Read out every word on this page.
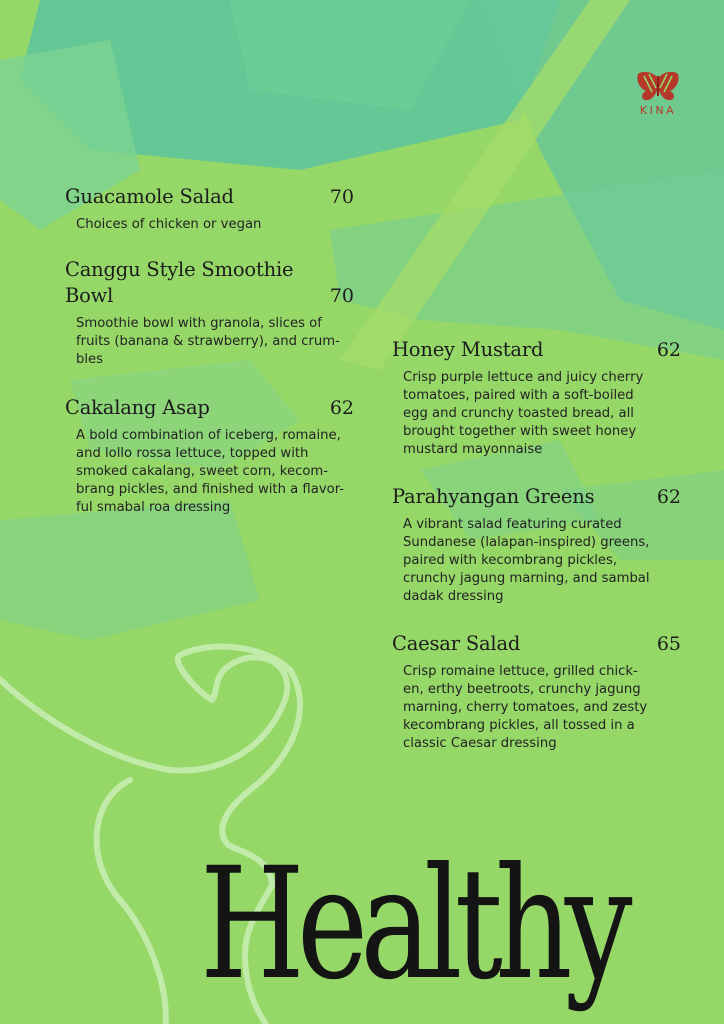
KINA
70
Guacamole Salad
Choices of chicken or vegan
70
Canggu Style Smoothie
Bowl
Smoothie bowl with granola, slices of
fruits (banana & strawberry), and crum-
bles
62
Cakalang Asap
A bold combination of iceberg, romaine,
and lollo rossa lettuce, topped with
smoked cakalang, sweet corn, kecom-
brang pickles, and finished with a flavor-
ful smabal roa dressing
62
Honey Mustard
Crisp purple lettuce and juicy cherry
tomatoes, paired with a soft-boiled
egg and crunchy toasted bread, all
brought together with sweet honey
mustard mayonnaise
62
Parahyangan Greens
A vibrant salad featuring curated
Sundanese (lalapan-inspired) greens,
paired with kecombrang pickles,
crunchy jagung marning, and sambal
dadak dressing
65
Caesar Salad
Crisp romaine lettuce, grilled chick-
en, erthy beetroots, crunchy jagung
marning, cherry tomatoes, and zesty
kecombrang pickles, all tossed in a
classic Caesar dressing
Healthy
